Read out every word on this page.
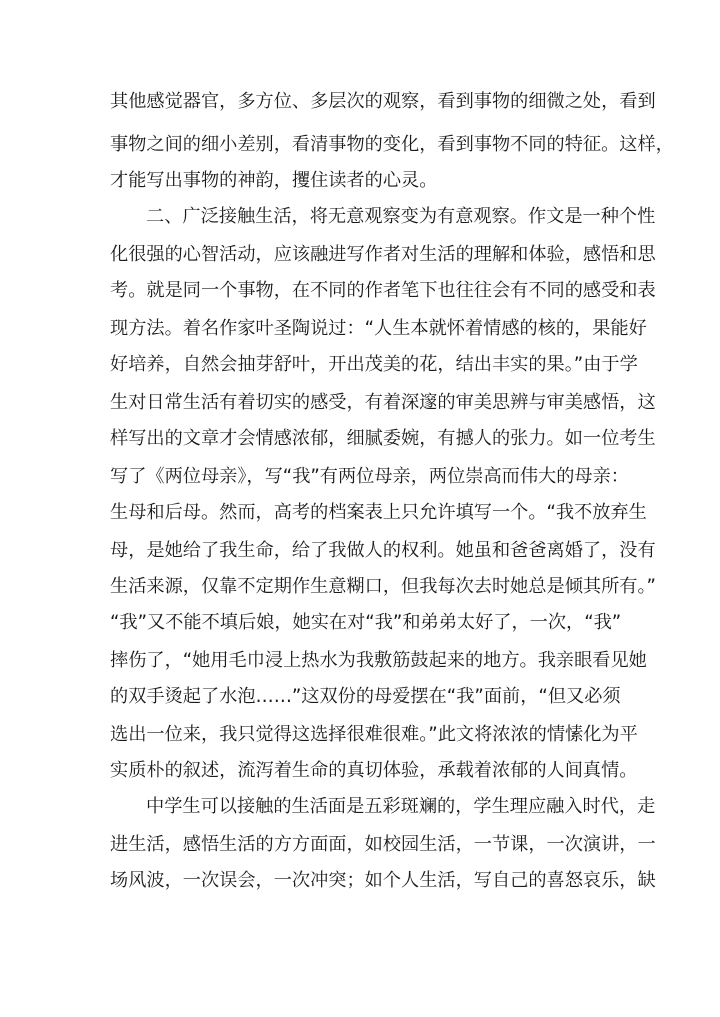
其他感觉器官，多方位、多层次的观察，看到事物的细微之处，看到
事物之间的细小差别，看清事物的变化，看到事物不同的特征。这样，
才能写出事物的神韵，攫住读者的心灵。
二、广泛接触生活，将无意观察变为有意观察。作文是一种个性
化很强的心智活动，应该融进写作者对生活的理解和体验，感悟和思
考。就是同一个事物，在不同的作者笔下也往往会有不同的感受和表
现方法。着名作家叶圣陶说过：“人生本就怀着情感的核的，果能好
好培养，自然会抽芽舒叶，开出茂美的花，结出丰实的果。”由于学
生对日常生活有着切实的感受，有着深邃的审美思辨与审美感悟，这
样写出的文章才会情感浓郁，细腻委婉，有撼人的张力。如一位考生
写了《两位母亲》，写“我”有两位母亲，两位崇高而伟大的母亲：
生母和后母。然而，高考的档案表上只允许填写一个。“我不放弃生
母，是她给了我生命，给了我做人的权利。她虽和爸爸离婚了，没有
生活来源，仅靠不定期作生意糊口，但我每次去时她总是倾其所有。”
“我”又不能不填后娘，她实在对“我”和弟弟太好了，一次，“我”
摔伤了，“她用毛巾浸上热水为我敷筋鼓起来的地方。我亲眼看见她
的双手烫起了水泡……”这双份的母爱摆在“我”面前，“但又必须
选出一位来，我只觉得这选择很难很难。”此文将浓浓的情愫化为平
实质朴的叙述，流泻着生命的真切体验，承载着浓郁的人间真情。
中学生可以接触的生活面是五彩斑斓的，学生理应融入时代，走
进生活，感悟生活的方方面面，如校园生活，一节课，一次演讲，一
场风波，一次误会，一次冲突；如个人生活，写自己的喜怒哀乐，缺
